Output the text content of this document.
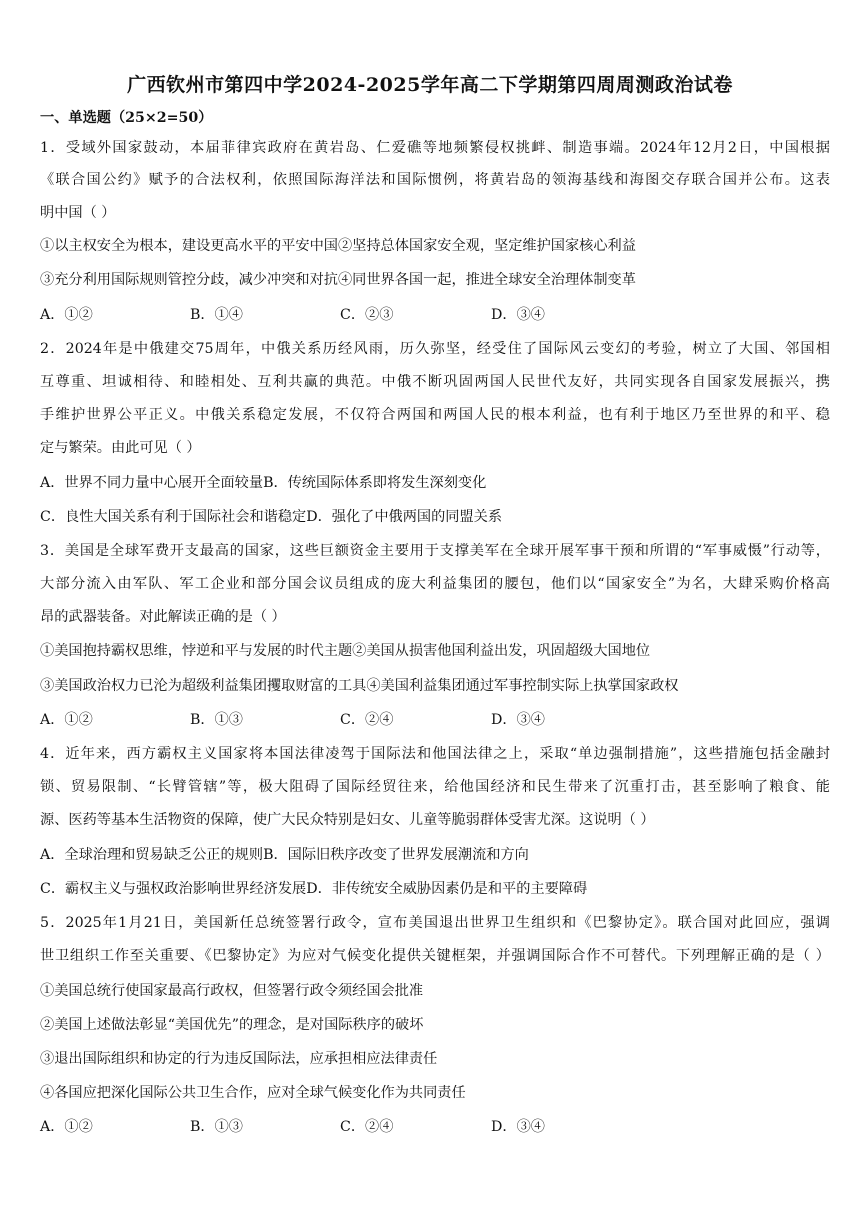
广西钦州市第四中学2024-2025学年高二下学期第四周周测政治试卷
一、单选题（25×2=50）
1．受域外国家鼓动，本届菲律宾政府在黄岩岛、仁爱礁等地频繁侵权挑衅、制造事端。2024年12月2日，中国根据
《联合国公约》赋予的合法权利，依照国际海洋法和国际惯例，将黄岩岛的领海基线和海图交存联合国并公布。这表
明中国（ ）
①以主权安全为根本，建设更高水平的平安中国②坚持总体国家安全观，坚定维护国家核心利益
③充分利用国际规则管控分歧，减少冲突和对抗④同世界各国一起，推进全球安全治理体制变革
A．①②	B．①④	C．②③	D．③④
2．2024年是中俄建交75周年，中俄关系历经风雨，历久弥坚，经受住了国际风云变幻的考验，树立了大国、邻国相
互尊重、坦诚相待、和睦相处、互利共赢的典范。中俄不断巩固两国人民世代友好，共同实现各自国家发展振兴，携
手维护世界公平正义。中俄关系稳定发展，不仅符合两国和两国人民的根本利益，也有利于地区乃至世界的和平、稳
定与繁荣。由此可见（ ）
A．世界不同力量中心展开全面较量B．传统国际体系即将发生深刻变化
C．良性大国关系有利于国际社会和谐稳定D．强化了中俄两国的同盟关系
3．美国是全球军费开支最高的国家，这些巨额资金主要用于支撑美军在全球开展军事干预和所谓的“军事威慑”行动等，
大部分流入由军队、军工企业和部分国会议员组成的庞大利益集团的腰包，他们以“国家安全”为名，大肆采购价格高
昂的武器装备。对此解读正确的是（ ）
①美国抱持霸权思维，悖逆和平与发展的时代主题②美国从损害他国利益出发，巩固超级大国地位
③美国政治权力已沦为超级利益集团攫取财富的工具④美国利益集团通过军事控制实际上执掌国家政权
A．①②	B．①③	C．②④	D．③④
4．近年来，西方霸权主义国家将本国法律凌驾于国际法和他国法律之上，采取“单边强制措施”，这些措施包括金融封
锁、贸易限制、“长臂管辖”等，极大阻碍了国际经贸往来，给他国经济和民生带来了沉重打击，甚至影响了粮食、能
源、医药等基本生活物资的保障，使广大民众特别是妇女、儿童等脆弱群体受害尤深。这说明（ ）
A．全球治理和贸易缺乏公正的规则B．国际旧秩序改变了世界发展潮流和方向
C．霸权主义与强权政治影响世界经济发展D．非传统安全威胁因素仍是和平的主要障碍
5．2025年1月21日，美国新任总统签署行政令，宣布美国退出世界卫生组织和《巴黎协定》。联合国对此回应，强调
世卫组织工作至关重要、《巴黎协定》为应对气候变化提供关键框架，并强调国际合作不可替代。下列理解正确的是（ ）
①美国总统行使国家最高行政权，但签署行政令须经国会批准
②美国上述做法彰显“美国优先”的理念，是对国际秩序的破坏
③退出国际组织和协定的行为违反国际法，应承担相应法律责任
④各国应把深化国际公共卫生合作，应对全球气候变化作为共同责任
A．①②	B．①③	C．②④	D．③④
